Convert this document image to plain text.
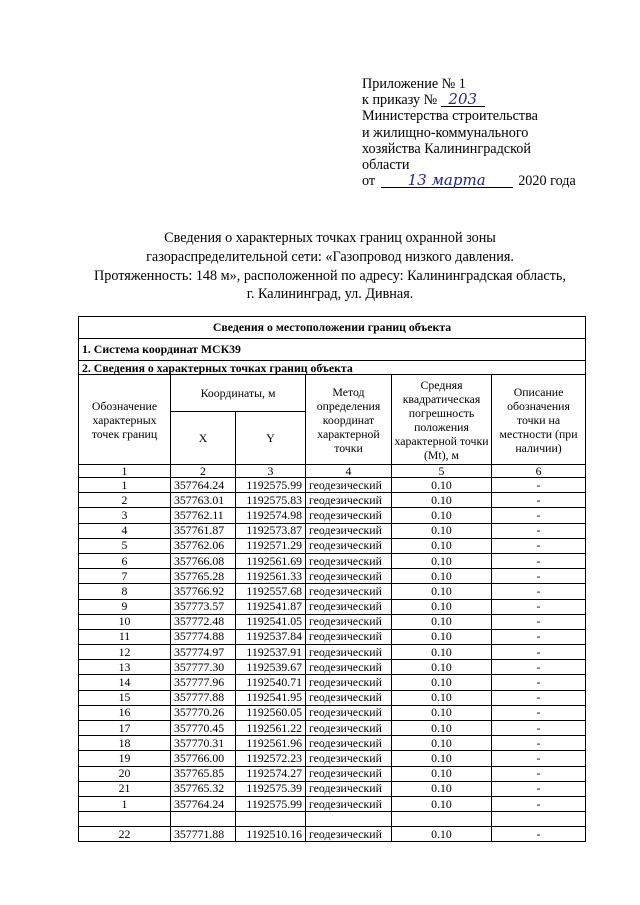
Приложение № 1
к приказу № 203
Министерства строительства
и жилищно-коммунального
хозяйства Калининградской
области
от 13 марта 2020 года
Сведения о характерных точках границ охранной зоны
газораспределительной сети: «Газопровод низкого давления.
Протяженность: 148 м», расположенной по адресу: Калининградская область,
г. Калининград, ул. Дивная.
Сведения о местоположении границ объекта					
1. Система координат МСК39					
2. Сведения о характерных точках границ объекта					
Обозначение характерных точек границ	Координаты, м		Метод определения координат характерной точки	Средняя квадратическая погрешность положения характерной точки (Mt), м	Описание обозначения точки на местности (при наличии)
	X	Y			
1	2	3	4	5	6
1	357764.24	1192575.99	геодезический	0.10	-
2	357763.01	1192575.83	геодезический	0.10	-
3	357762.11	1192574.98	геодезический	0.10	-
4	357761.87	1192573.87	геодезический	0.10	-
5	357762.06	1192571.29	геодезический	0.10	-
6	357766.08	1192561.69	геодезический	0.10	-
7	357765.28	1192561.33	геодезический	0.10	-
8	357766.92	1192557.68	геодезический	0.10	-
9	357773.57	1192541.87	геодезический	0.10	-
10	357772.48	1192541.05	геодезический	0.10	-
11	357774.88	1192537.84	геодезический	0.10	-
12	357774.97	1192537.91	геодезический	0.10	-
13	357777.30	1192539.67	геодезический	0.10	-
14	357777.96	1192540.71	геодезический	0.10	-
15	357777.88	1192541.95	геодезический	0.10	-
16	357770.26	1192560.05	геодезический	0.10	-
17	357770.45	1192561.22	геодезический	0.10	-
18	357770.31	1192561.96	геодезический	0.10	-
19	357766.00	1192572.23	геодезический	0.10	-
20	357765.85	1192574.27	геодезический	0.10	-
21	357765.32	1192575.39	геодезический	0.10	-
1	357764.24	1192575.99	геодезический	0.10	-

22	357771.88	1192510.16	геодезический	0.10	-
